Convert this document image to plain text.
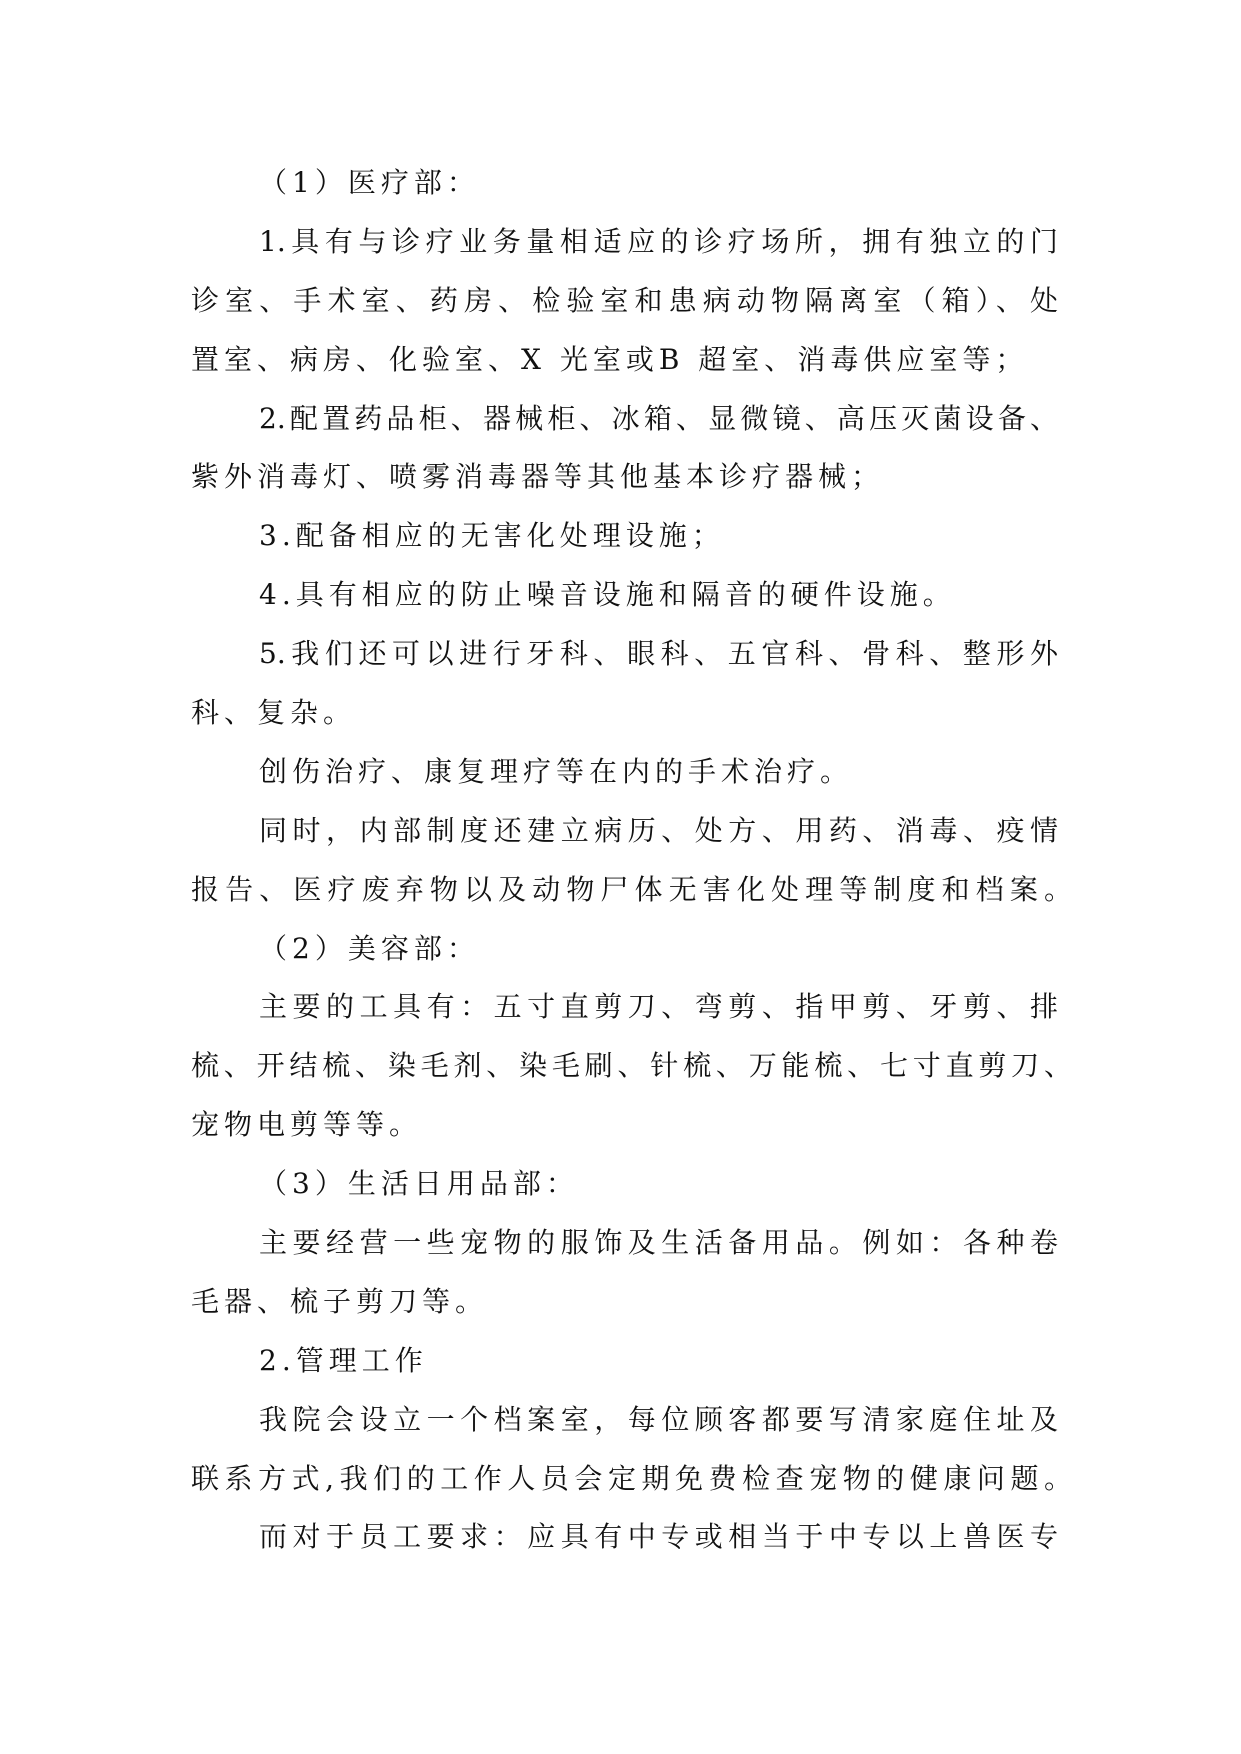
（1）医疗部：
1.具有与诊疗业务量相适应的诊疗场所，拥有独立的门
诊室、手术室、药房、检验室和患病动物隔离室（箱）、处
置室、病房、化验室、X 光室或B 超室、消毒供应室等；
2.配置药品柜、器械柜、冰箱、显微镜、高压灭菌设备、
紫外消毒灯、喷雾消毒器等其他基本诊疗器械；
3.配备相应的无害化处理设施；
4.具有相应的防止噪音设施和隔音的硬件设施。
5.我们还可以进行牙科、眼科、五官科、骨科、整形外
科、复杂。
创伤治疗、康复理疗等在内的手术治疗。
同时，内部制度还建立病历、处方、用药、消毒、疫情
报告、医疗废弃物以及动物尸体无害化处理等制度和档案。
（2）美容部：
主要的工具有：五寸直剪刀、弯剪、指甲剪、牙剪、排
梳、开结梳、染毛剂、染毛刷、针梳、万能梳、七寸直剪刀、
宠物电剪等等。
（3）生活日用品部：
主要经营一些宠物的服饰及生活备用品。例如：各种卷
毛器、梳子剪刀等。
2.管理工作
我院会设立一个档案室，每位顾客都要写清家庭住址及
联系方式,我们的工作人员会定期免费检查宠物的健康问题。
而对于员工要求：应具有中专或相当于中专以上兽医专
